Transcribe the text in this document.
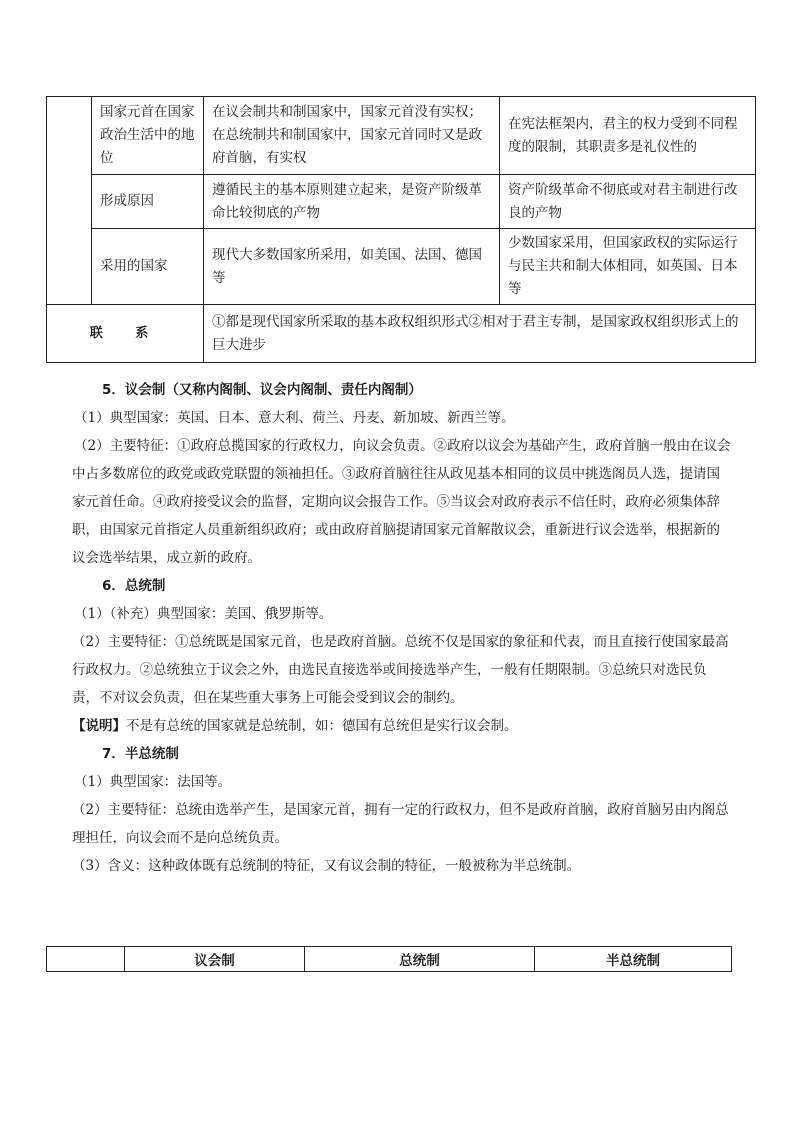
	国家元首在国家政治生活中的地位	在议会制共和制国家中，国家元首没有实权；在总统制共和制国家中，国家元首同时又是政府首脑，有实权	在宪法框架内，君主的权力受到不同程度的限制，其职责多是礼仪性的
	形成原因	遵循民主的基本原则建立起来，是资产阶级革命比较彻底的产物	资产阶级革命不彻底或对君主制进行改良的产物
	采用的国家	现代大多数国家所采用，如美国、法国、德国等	少数国家采用，但国家政权的实际运行与民主共和制大体相同，如英国、日本等
联 系		①都是现代国家所采取的基本政权组织形式②相对于君主专制，是国家政权组织形式上的巨大进步	

5．议会制（又称内阁制、议会内阁制、责任内阁制）

（1）典型国家：英国、日本、意大利、荷兰、丹麦、新加坡、新西兰等。

（2）主要特征：①政府总揽国家的行政权力，向议会负责。②政府以议会为基础产生，政府首脑一般由在议会中占多数席位的政党或政党联盟的领袖担任。③政府首脑往往从政见基本相同的议员中挑选阁员人选，提请国家元首任命。④政府接受议会的监督，定期向议会报告工作。⑤当议会对政府表示不信任时，政府必须集体辞职，由国家元首指定人员重新组织政府；或由政府首脑提请国家元首解散议会，重新进行议会选举，根据新的议会选举结果，成立新的政府。

6．总统制

（1）（补充）典型国家：美国、俄罗斯等。

（2）主要特征：①总统既是国家元首，也是政府首脑。总统不仅是国家的象征和代表，而且直接行使国家最高行政权力。②总统独立于议会之外，由选民直接选举或间接选举产生，一般有任期限制。③总统只对选民负责，不对议会负责，但在某些重大事务上可能会受到议会的制约。

【说明】不是有总统的国家就是总统制，如：德国有总统但是实行议会制。

7．半总统制

（1）典型国家：法国等。

（2）主要特征：总统由选举产生，是国家元首，拥有一定的行政权力，但不是政府首脑，政府首脑另由内阁总理担任，向议会而不是向总统负责。

（3）含义：这种政体既有总统制的特征，又有议会制的特征，一般被称为半总统制。

	议会制	总统制	半总统制
